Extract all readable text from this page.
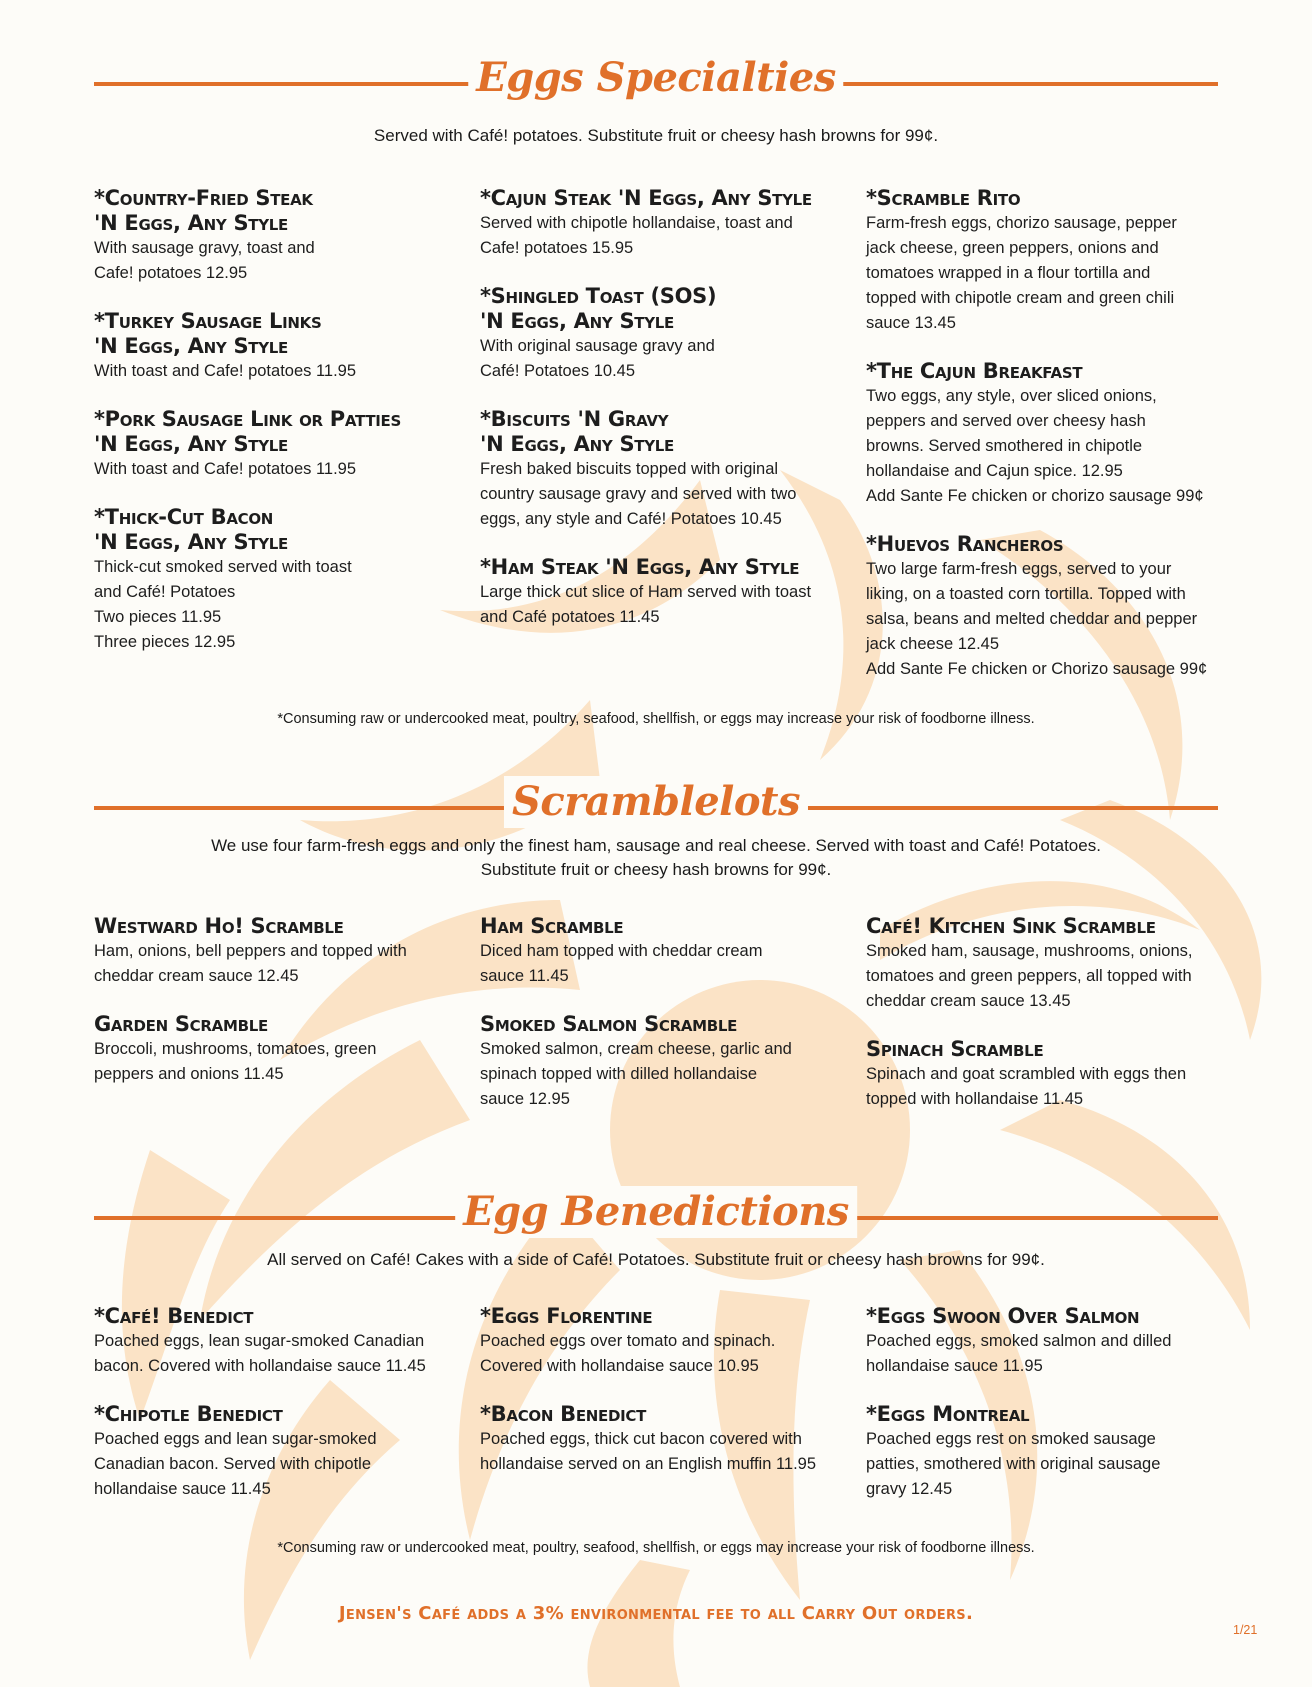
Eggs Specialties
Served with Café! potatoes. Substitute fruit or cheesy hash browns for 99¢.
*Country-Fried Steak
'N Eggs, Any Style
With sausage gravy, toast and
Cafe! potatoes 12.95
*Turkey Sausage Links
'N Eggs, Any Style
With toast and Cafe! potatoes 11.95
*Pork Sausage Link or Patties
'N Eggs, Any Style
With toast and Cafe! potatoes 11.95
*Thick-Cut Bacon
'N Eggs, Any Style
Thick-cut smoked served with toast
and Café! Potatoes
Two pieces 11.95
Three pieces 12.95
*Cajun Steak 'N Eggs, Any Style
Served with chipotle hollandaise, toast and
Cafe! potatoes 15.95
*Shingled Toast (SOS)
'N Eggs, Any Style
With original sausage gravy and
Café! Potatoes 10.45
*Biscuits 'N Gravy
'N Eggs, Any Style
Fresh baked biscuits topped with original
country sausage gravy and served with two
eggs, any style and Café! Potatoes 10.45
*Ham Steak 'N Eggs, Any Style
Large thick cut slice of Ham served with toast
and Café potatoes 11.45
*Scramble Rito
Farm-fresh eggs, chorizo sausage, pepper
jack cheese, green peppers, onions and
tomatoes wrapped in a flour tortilla and
topped with chipotle cream and green chili
sauce 13.45
*The Cajun Breakfast
Two eggs, any style, over sliced onions,
peppers and served over cheesy hash
browns. Served smothered in chipotle
hollandaise and Cajun spice. 12.95
Add Sante Fe chicken or chorizo sausage 99¢
*Huevos Rancheros
Two large farm-fresh eggs, served to your
liking, on a toasted corn tortilla. Topped with
salsa, beans and melted cheddar and pepper
jack cheese 12.45
Add Sante Fe chicken or Chorizo sausage 99¢
*Consuming raw or undercooked meat, poultry, seafood, shellfish, or eggs may increase your risk of foodborne illness.
Scramblelots
We use four farm-fresh eggs and only the finest ham, sausage and real cheese. Served with toast and Café! Potatoes.
Substitute fruit or cheesy hash browns for 99¢.
Westward Ho! Scramble
Ham, onions, bell peppers and topped with
cheddar cream sauce 12.45
Garden Scramble
Broccoli, mushrooms, tomatoes, green
peppers and onions 11.45
Ham Scramble
Diced ham topped with cheddar cream
sauce 11.45
Smoked Salmon Scramble
Smoked salmon, cream cheese, garlic and
spinach topped with dilled hollandaise
sauce 12.95
Café! Kitchen Sink Scramble
Smoked ham, sausage, mushrooms, onions,
tomatoes and green peppers, all topped with
cheddar cream sauce 13.45
Spinach Scramble
Spinach and goat scrambled with eggs then
topped with hollandaise 11.45
Egg Benedictions
All served on Café! Cakes with a side of Café! Potatoes. Substitute fruit or cheesy hash browns for 99¢.
*Café! Benedict
Poached eggs, lean sugar-smoked Canadian
bacon. Covered with hollandaise sauce 11.45
*Chipotle Benedict
Poached eggs and lean sugar-smoked
Canadian bacon. Served with chipotle
hollandaise sauce 11.45
*Eggs Florentine
Poached eggs over tomato and spinach.
Covered with hollandaise sauce 10.95
*Bacon Benedict
Poached eggs, thick cut bacon covered with
hollandaise served on an English muffin 11.95
*Eggs Swoon Over Salmon
Poached eggs, smoked salmon and dilled
hollandaise sauce 11.95
*Eggs Montreal
Poached eggs rest on smoked sausage
patties, smothered with original sausage
gravy 12.45
*Consuming raw or undercooked meat, poultry, seafood, shellfish, or eggs may increase your risk of foodborne illness.
Jensen's Café adds a 3% environmental fee to all Carry Out orders.
1/21
